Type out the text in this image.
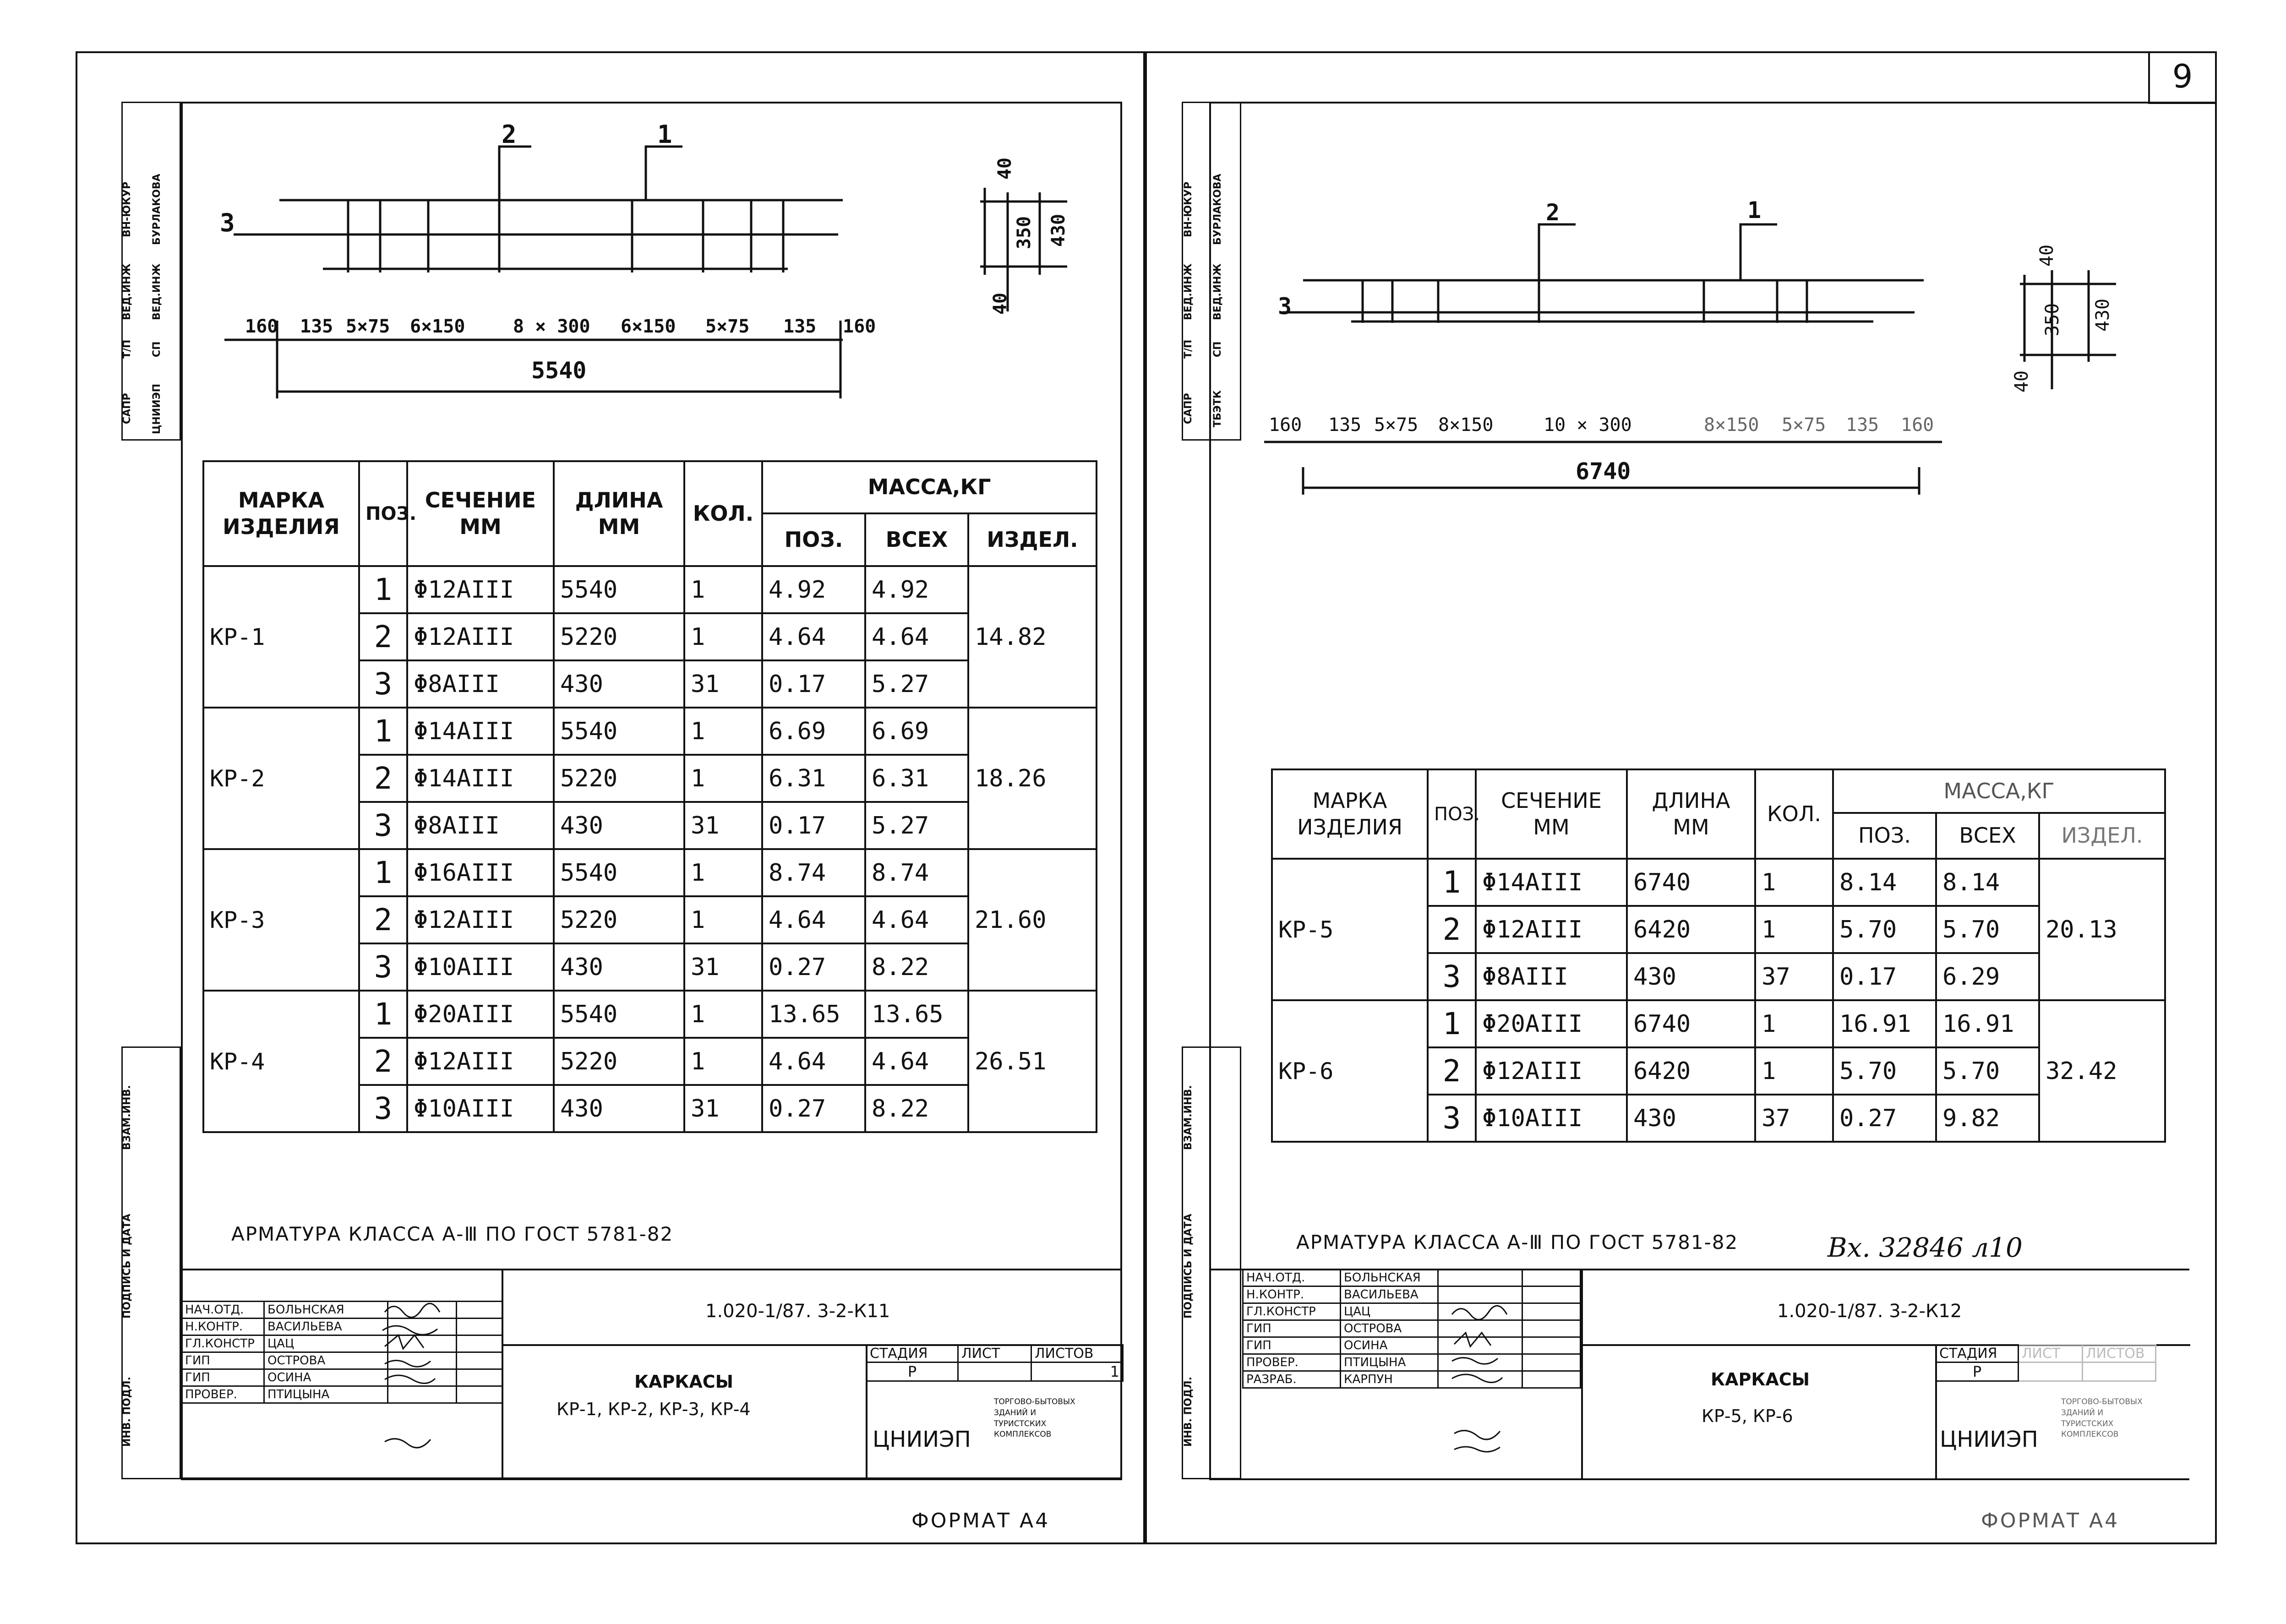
9
ВН-ЮКУР	БУРЛАКОВА
ВЕД.ИНЖ	ВЕД.ИНЖ
Т/П	СП
САПР	ЦНИИЭП
ВЗАМ.ИНВ.
ПОДПИСЬ И ДАТА
ИНВ. ПОДЛ.
2	1
3
160 135 5×75 6×150	8 × 300 6×150 5×75 135 160
5540
40
350
40
430
МАРКА ИЗДЕЛИЯ	ПОЗ.	СЕЧЕНИЕ ММ	ДЛИНА ММ	КОЛ.	МАССА,КГ		
					ПОЗ.	ВСЕХ	ИЗДЕЛ.
КР-1	1	Φ12AIII	5540	1	4.92	4.92	14.82
	2	Φ12AIII	5220	1	4.64	4.64	
	3	Φ8AIII	430	31	0.17	5.27	
КР-2	1	Φ14AIII	5540	1	6.69	6.69	18.26
	2	Φ14AIII	5220	1	6.31	6.31	
	3	Φ8AIII	430	31	0.17	5.27	
КР-3	1	Φ16AIII	5540	1	8.74	8.74	21.60
	2	Φ12AIII	5220	1	4.64	4.64	
	3	Φ10AIII	430	31	0.27	8.22	
КР-4	1	Φ20AIII	5540	1	13.65	13.65	26.51
	2	Φ12AIII	5220	1	4.64	4.64	
	3	Φ10AIII	430	31	0.27	8.22	
АРМАТУРА КЛАССА А-Ⅲ ПО ГОСТ 5781-82
НАЧ.ОТД.	БОЛЬНСКАЯ		
Н.КОНТР.	ВАСИЛЬЕВА		
ГЛ.КОНСТР	ЦАЦ		
ГИП	ОСТРОВА		
ГИП	ОСИНА		
ПРОВЕР.	ПТИЦЫНА		
1.020-1/87. 3-2-К11
КАРКАСЫ
КР-1, КР-2, КР-3, КР-4
СТАДИЯ	ЛИСТ	ЛИСТОВ
Р		1
ЦНИИЭП
ТОРГОВО-БЫТОВЫХ ЗДАНИЙ И ТУРИСТСКИХ КОМПЛЕКСОВ
ФОРМАТ А4
ВН-ЮКУР	БУРЛАКОВА
ВЕД.ИНЖ	ВЕД.ИНЖ
Т/П	СП
САПР	ТБЭТК
ВЗАМ.ИНВ.
ПОДПИСЬ И ДАТА
ИНВ. ПОДЛ.
2	1
3
160 135 5×75 8×150	10 × 300	8×150 5×75 135 160
6740
40
350
40
430
МАРКА ИЗДЕЛИЯ	ПОЗ.	СЕЧЕНИЕ ММ	ДЛИНА ММ	КОЛ.	МАССА,КГ		
					ПОЗ.	ВСЕХ	ИЗДЕЛ.
КР-5	1	Φ14AIII	6740	1	8.14	8.14	20.13
	2	Φ12AIII	6420	1	5.70	5.70	
	3	Φ8AIII	430	37	0.17	6.29	
КР-6	1	Φ20AIII	6740	1	16.91	16.91	32.42
	2	Φ12AIII	6420	1	5.70	5.70	
	3	Φ10AIII	430	37	0.27	9.82	
АРМАТУРА КЛАССА А-Ⅲ ПО ГОСТ 5781-82	Вх. 32846 л10
НАЧ.ОТД.	БОЛЬНСКАЯ		
Н.КОНТР.	ВАСИЛЬЕВА		
ГЛ.КОНСТР	ЦАЦ		
ГИП	ОСТРОВА		
ГИП	ОСИНА		
ПРОВЕР.	ПТИЦЫНА		
РАЗРАБ.	КАРПУН		
1.020-1/87. 3-2-К12
КАРКАСЫ
КР-5, КР-6
СТАДИЯ	ЛИСТ	ЛИСТОВ
Р		
ЦНИИЭП
ТОРГОВО-БЫТОВЫХ ЗДАНИЙ И ТУРИСТСКИХ КОМПЛЕКСОВ
ФОРМАТ А4
